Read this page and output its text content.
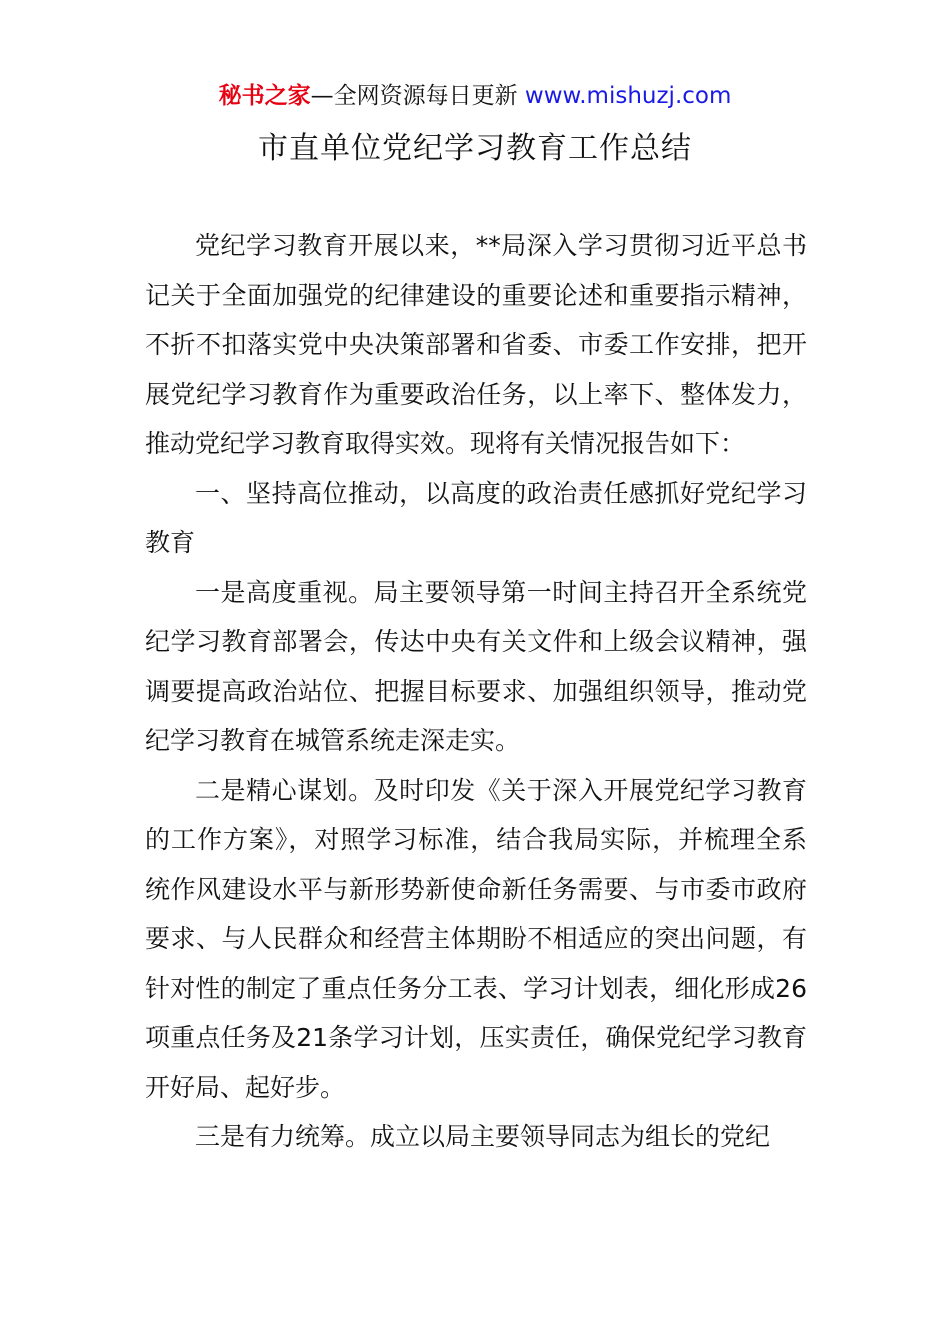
秘书之家—全网资源每日更新 www.mishuzj.com
市直单位党纪学习教育工作总结

党纪学习教育开展以来，**局深入学习贯彻习近平总书记关于全面加强党的纪律建设的重要论述和重要指示精神，不折不扣落实党中央决策部署和省委、市委工作安排，把开展党纪学习教育作为重要政治任务，以上率下、整体发力，推动党纪学习教育取得实效。现将有关情况报告如下：

一、坚持高位推动，以高度的政治责任感抓好党纪学习教育

一是高度重视。局主要领导第一时间主持召开全系统党纪学习教育部署会，传达中央有关文件和上级会议精神，强调要提高政治站位、把握目标要求、加强组织领导，推动党纪学习教育在城管系统走深走实。

二是精心谋划。及时印发《关于深入开展党纪学习教育的工作方案》，对照学习标准，结合我局实际，并梳理全系统作风建设水平与新形势新使命新任务需要、与市委市政府要求、与人民群众和经营主体期盼不相适应的突出问题，有针对性的制定了重点任务分工表、学习计划表，细化形成26项重点任务及21条学习计划，压实责任，确保党纪学习教育开好局、起好步。

三是有力统筹。成立以局主要领导同志为组长的党纪
